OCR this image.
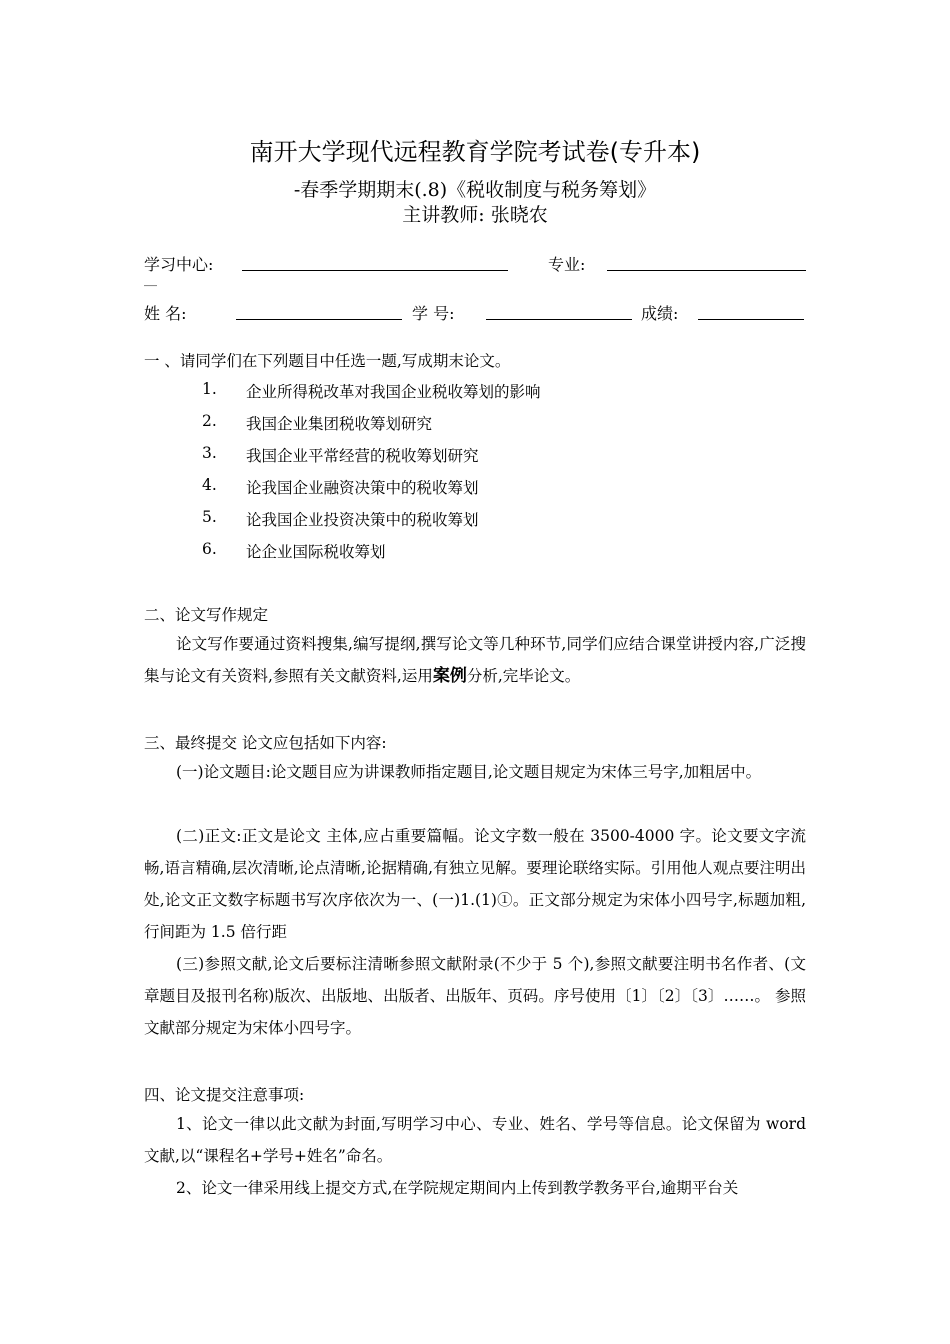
南开大学现代远程教育学院考试卷(专升本)
-春季学期期末(.8)《税收制度与税务筹划》
主讲教师: 张晓农
学习中心:	专业:
__
姓 名:	学 号:	成绩:
一 、请同学们在下列题目中任选一题,写成期末论文。
1. 企业所得税改革对我国企业税收筹划的影响
2. 我国企业集团税收筹划研究
3. 我国企业平常经营的税收筹划研究
4. 论我国企业融资决策中的税收筹划
5. 论我国企业投资决策中的税收筹划
6. 论企业国际税收筹划
二、论文写作规定
论文写作要通过资料搜集,编写提纲,撰写论文等几种环节,同学们应结合课堂讲授内容,广泛搜集与论文有关资料,参照有关文献资料,运用案例分析,完毕论文。
三、最终提交 论文应包括如下内容:
(一)论文题目:论文题目应为讲课教师指定题目,论文题目规定为宋体三号字,加粗居中。
(二)正文:正文是论文 主体,应占重要篇幅。论文字数一般在 3500-4000 字。论文要文字流畅,语言精确,层次清晰,论点清晰,论据精确,有独立见解。要理论联络实际。引用他人观点要注明出处,论文正文数字标题书写次序依次为一、(一)1.(1)①。正文部分规定为宋体小四号字,标题加粗,行间距为 1.5 倍行距
(三)参照文献,论文后要标注清晰参照文献附录(不少于 5 个),参照文献要注明书名作者、(文章题目及报刊名称)版次、出版地、出版者、出版年、页码。序号使用〔1〕〔2〕〔3〕……。 参照文献部分规定为宋体小四号字。
四、论文提交注意事项:
1、论文一律以此文献为封面,写明学习中心、专业、姓名、学号等信息。论文保留为 word 文献,以“课程名+学号+姓名”命名。
2、论文一律采用线上提交方式,在学院规定期间内上传到教学教务平台,逾期平台关
